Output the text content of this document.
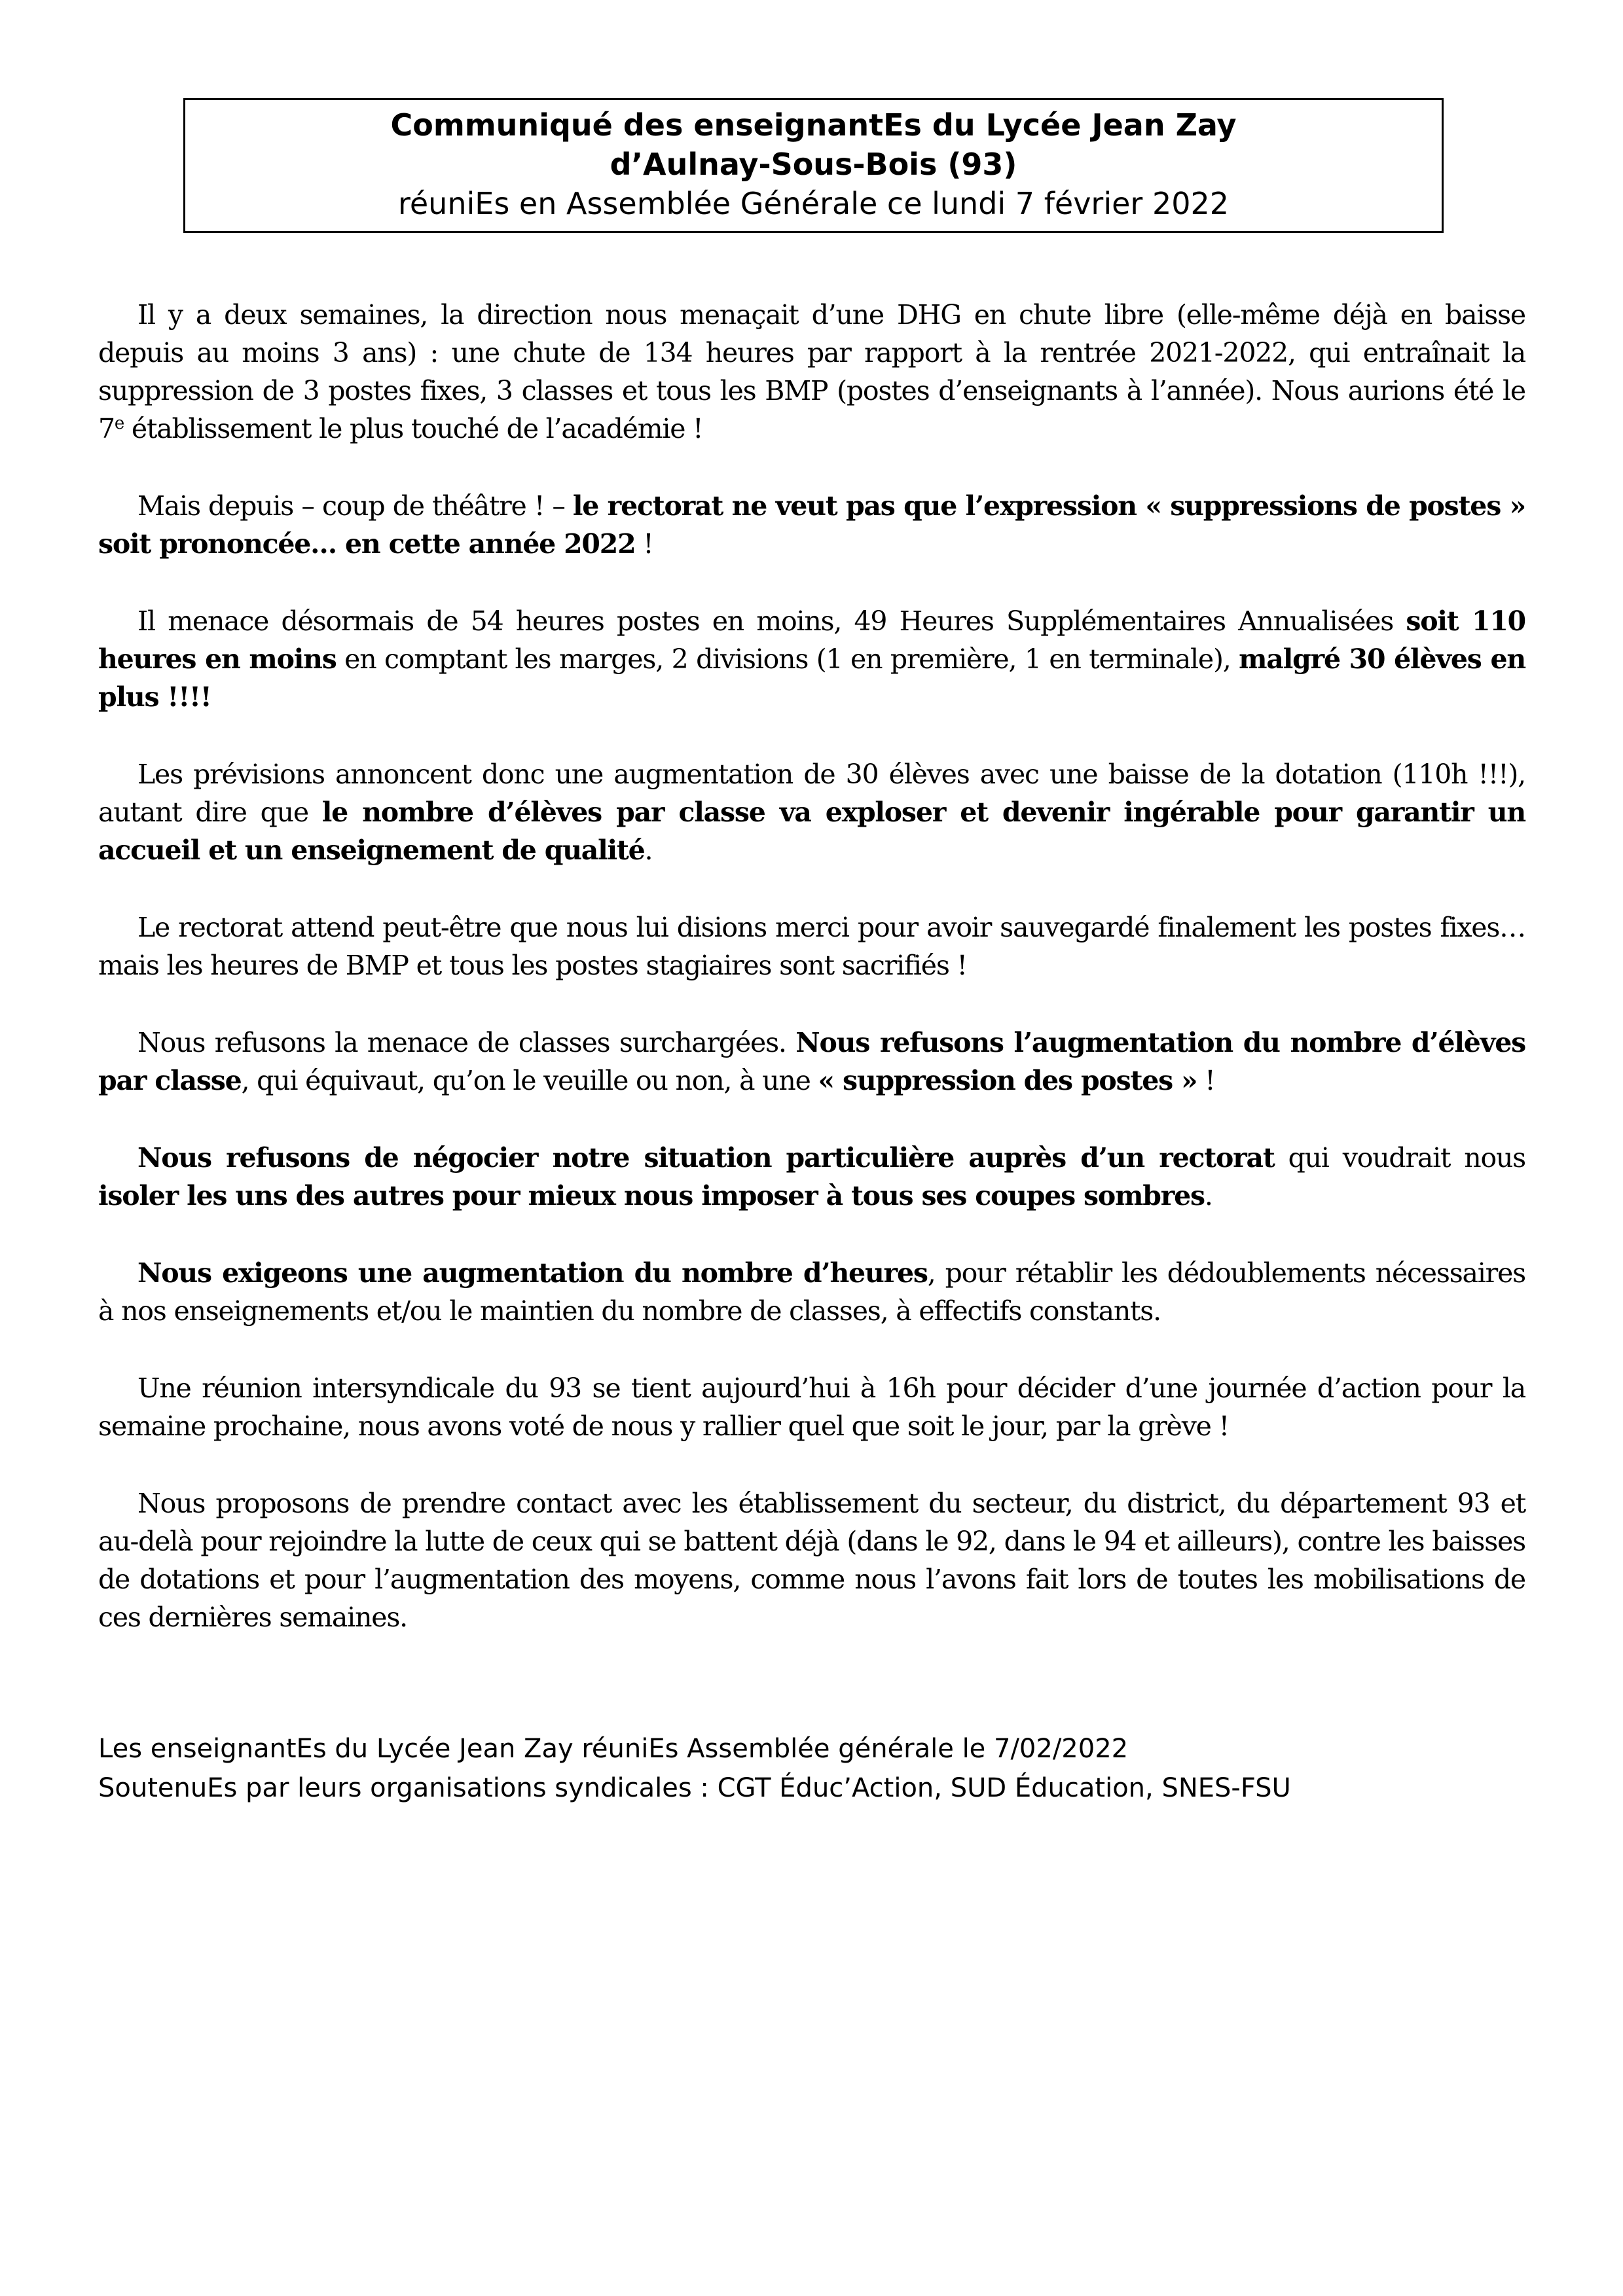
Communiqué des enseignantEs du Lycée Jean Zay
d’Aulnay-Sous-Bois (93)
réuniEs en Assemblée Générale ce lundi 7 février 2022

Il y a deux semaines, la direction nous menaçait d’une DHG en chute libre (elle-même déjà en baisse depuis au moins 3 ans) : une chute de 134 heures par rapport à la rentrée 2021-2022, qui entraînait la suppression de 3 postes fixes, 3 classes et tous les BMP (postes d’enseignants à l’année). Nous aurions été le 7e établissement le plus touché de l’académie !

Mais depuis – coup de théâtre ! – le rectorat ne veut pas que l’expression « suppressions de postes » soit prononcée… en cette année 2022 !

Il menace désormais de 54 heures postes en moins, 49 Heures Supplémentaires Annualisées soit 110 heures en moins en comptant les marges, 2 divisions (1 en première, 1 en terminale), malgré 30 élèves en plus !!!!

Les prévisions annoncent donc une augmentation de 30 élèves avec une baisse de la dotation (110h !!!), autant dire que le nombre d’élèves par classe va exploser et devenir ingérable pour garantir un accueil et un enseignement de qualité.

Le rectorat attend peut-être que nous lui disions merci pour avoir sauvegardé finalement les postes fixes… mais les heures de BMP et tous les postes stagiaires sont sacrifiés !

Nous refusons la menace de classes surchargées. Nous refusons l’augmentation du nombre d’élèves par classe, qui équivaut, qu’on le veuille ou non, à une « suppression des postes » !

Nous refusons de négocier notre situation particulière auprès d’un rectorat qui voudrait nous isoler les uns des autres pour mieux nous imposer à tous ses coupes sombres.

Nous exigeons une augmentation du nombre d’heures, pour rétablir les dédoublements nécessaires à nos enseignements et/ou le maintien du nombre de classes, à effectifs constants.

Une réunion intersyndicale du 93 se tient aujourd’hui à 16h pour décider d’une journée d’action pour la semaine prochaine, nous avons voté de nous y rallier quel que soit le jour, par la grève !

Nous proposons de prendre contact avec les établissement du secteur, du district, du département 93 et au-delà pour rejoindre la lutte de ceux qui se battent déjà (dans le 92, dans le 94 et ailleurs), contre les baisses de dotations et pour l’augmentation des moyens, comme nous l’avons fait lors de toutes les mobilisations de ces dernières semaines.

Les enseignantEs du Lycée Jean Zay réuniEs Assemblée générale le 7/02/2022
SoutenuEs par leurs organisations syndicales : CGT Éduc’Action, SUD Éducation, SNES-FSU
